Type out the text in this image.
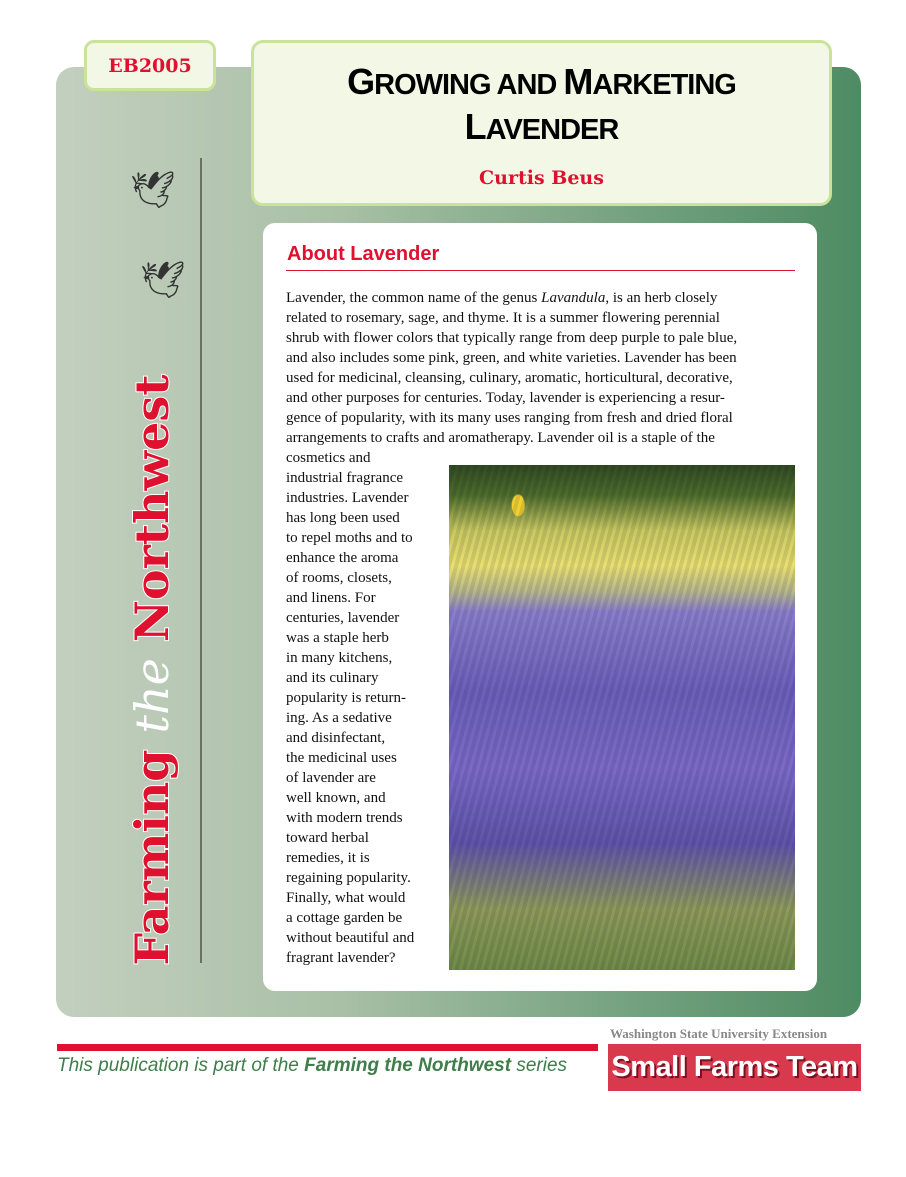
EB2005	GROWING AND MARKETING
LAVENDER
Curtis Beus
🕊
🕊
Farming the Northwest
About Lavender
Lavender, the common name of the genus Lavandula, is an herb closely
related to rosemary, sage, and thyme. It is a summer flowering perennial
shrub with flower colors that typically range from deep purple to pale blue,
and also includes some pink, green, and white varieties. Lavender has been
used for medicinal, cleansing, culinary, aromatic, horticultural, decorative,
and other purposes for centuries. Today, lavender is experiencing a resur-
gence of popularity, with its many uses ranging from fresh and dried floral
arrangements to crafts and aromatherapy. Lavender oil is a staple of the
cosmetics and
industrial fragrance
industries. Lavender
has long been used
to repel moths and to
enhance the aroma
of rooms, closets,
and linens. For
centuries, lavender
was a staple herb
in many kitchens,
and its culinary
popularity is return-
ing. As a sedative
and disinfectant,
the medicinal uses
of lavender are
well known, and
with modern trends
toward herbal
remedies, it is
regaining popularity.
Finally, what would
a cottage garden be
without beautiful and
fragrant lavender?
This publication is part of the Farming the Northwest series
Washington State University Extension
Small Farms Team
